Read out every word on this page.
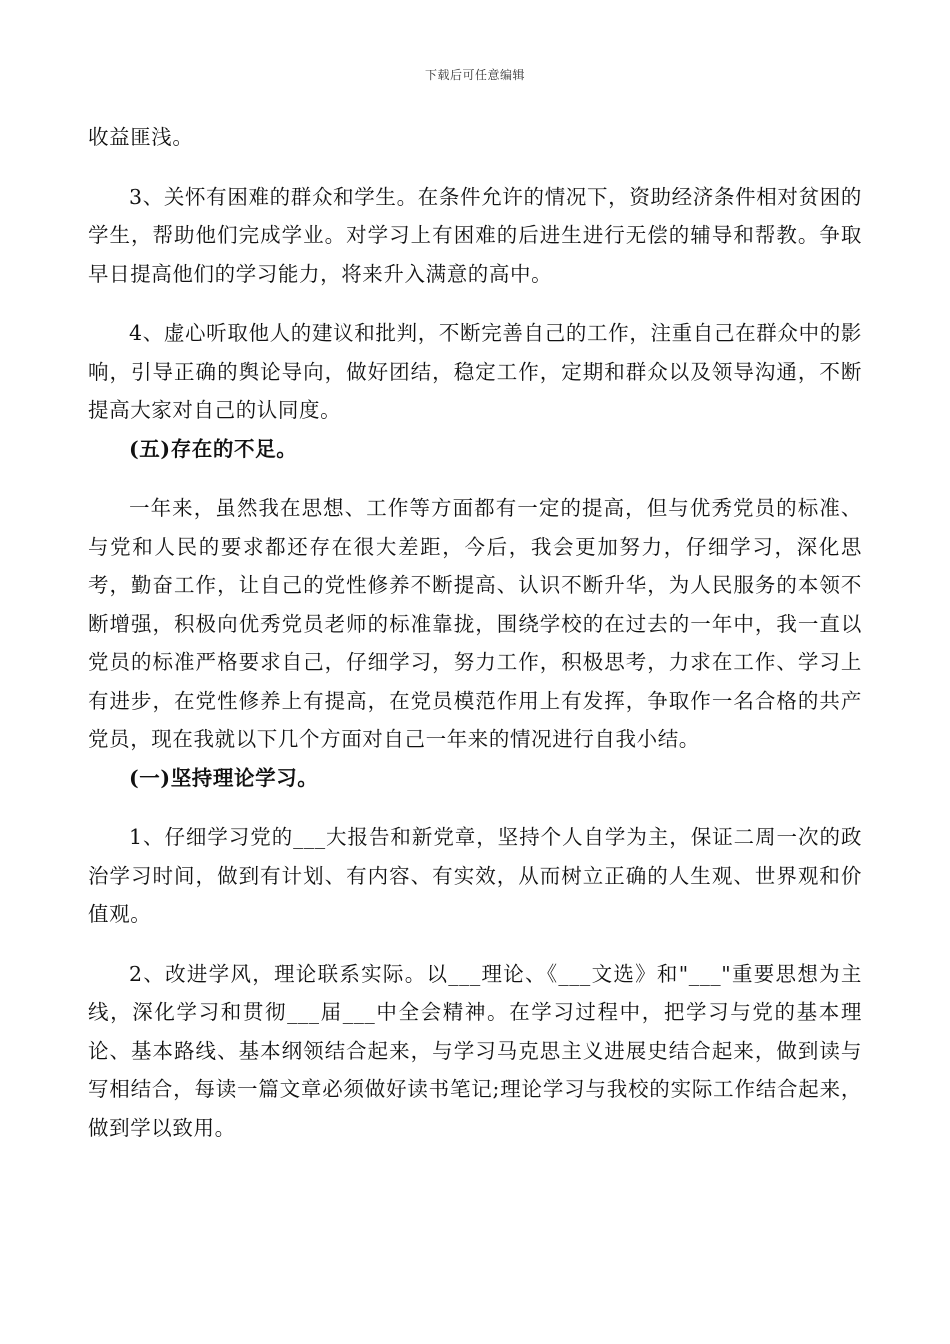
下载后可任意编辑

收益匪浅。

3、关怀有困难的群众和学生。在条件允许的情况下，资助经济条件相对贫困的学生，帮助他们完成学业。对学习上有困难的后进生进行无偿的辅导和帮教。争取早日提高他们的学习能力，将来升入满意的高中。

4、虚心听取他人的建议和批判，不断完善自己的工作，注重自己在群众中的影响，引导正确的舆论导向，做好团结，稳定工作，定期和群众以及领导沟通，不断提高大家对自己的认同度。

(五)存在的不足。

一年来，虽然我在思想、工作等方面都有一定的提高，但与优秀党员的标准、与党和人民的要求都还存在很大差距，今后，我会更加努力，仔细学习，深化思考，勤奋工作，让自己的党性修养不断提高、认识不断升华，为人民服务的本领不断增强，积极向优秀党员老师的标准靠拢，围绕学校的在过去的一年中，我一直以党员的标准严格要求自己，仔细学习，努力工作，积极思考，力求在工作、学习上有进步，在党性修养上有提高，在党员模范作用上有发挥，争取作一名合格的共产党员，现在我就以下几个方面对自己一年来的情况进行自我小结。

(一)坚持理论学习。

1、仔细学习党的___大报告和新党章，坚持个人自学为主，保证二周一次的政治学习时间，做到有计划、有内容、有实效，从而树立正确的人生观、世界观和价值观。

2、改进学风，理论联系实际。以___理论、《___文选》和"___"重要思想为主线，深化学习和贯彻___届___中全会精神。在学习过程中，把学习与党的基本理论、基本路线、基本纲领结合起来，与学习马克思主义进展史结合起来，做到读与写相结合，每读一篇文章必须做好读书笔记;理论学习与我校的实际工作结合起来，做到学以致用。
